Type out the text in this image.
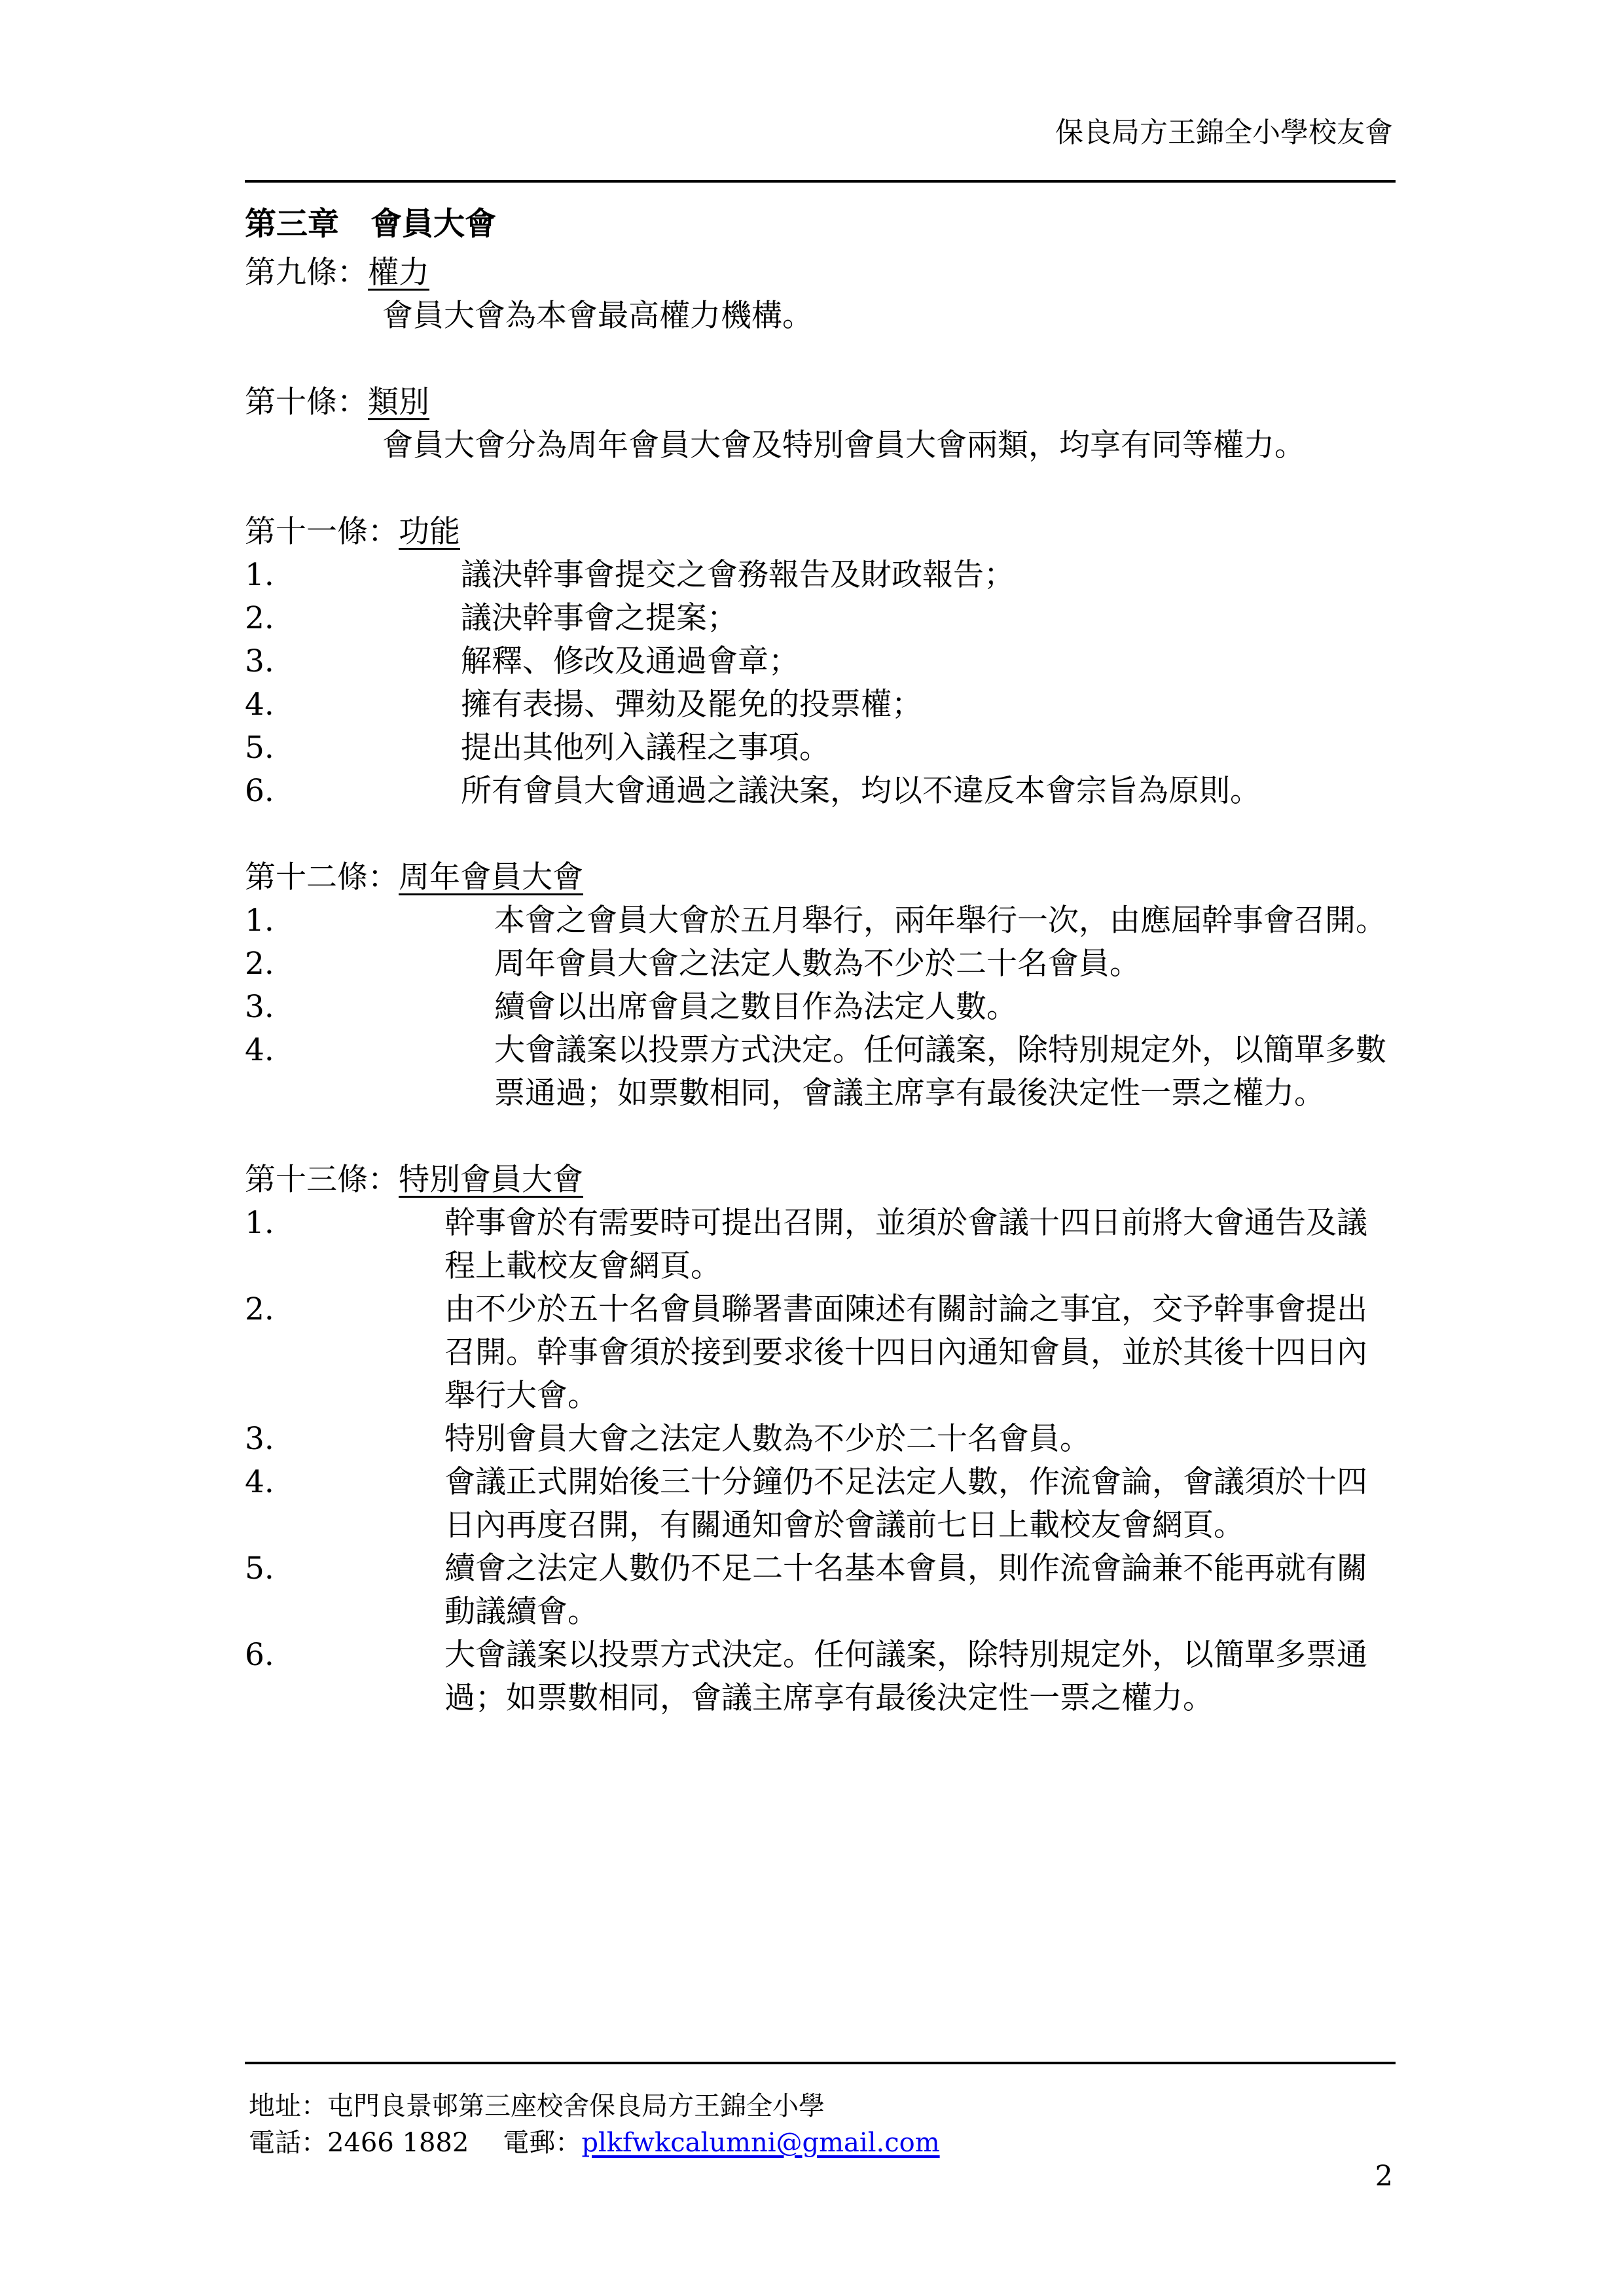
保良局方王錦全小學校友會
第三章　會員大會
第九條：權力
會員大會為本會最高權力機構。
第十條：類別
會員大會分為周年會員大會及特別會員大會兩類，均享有同等權力。
第十一條：功能
1.	議決幹事會提交之會務報告及財政報告；
2.	議決幹事會之提案；
3.	解釋、修改及通過會章；
4.	擁有表揚、彈劾及罷免的投票權；
5.	提出其他列入議程之事項。
6.	所有會員大會通過之議決案，均以不違反本會宗旨為原則。
第十二條：周年會員大會
1.	本會之會員大會於五月舉行，兩年舉行一次，由應屆幹事會召開。
2.	周年會員大會之法定人數為不少於二十名會員。
3.	續會以出席會員之數目作為法定人數。
4.	大會議案以投票方式決定。任何議案，除特別規定外，以簡單多數票通過；如票數相同，會議主席享有最後決定性一票之權力。
第十三條：特別會員大會
1.	幹事會於有需要時可提出召開，並須於會議十四日前將大會通告及議程上載校友會網頁。
2.	由不少於五十名會員聯署書面陳述有關討論之事宜，交予幹事會提出召開。幹事會須於接到要求後十四日內通知會員，並於其後十四日內舉行大會。
3.	特別會員大會之法定人數為不少於二十名會員。
4.	會議正式開始後三十分鐘仍不足法定人數，作流會論，會議須於十四日內再度召開，有關通知會於會議前七日上載校友會網頁。
5.	續會之法定人數仍不足二十名基本會員，則作流會論兼不能再就有關動議續會。
6.	大會議案以投票方式決定。任何議案，除特別規定外，以簡單多票通過；如票數相同，會議主席享有最後決定性一票之權力。
地址：屯門良景邨第三座校舍保良局方王錦全小學
電話：2466 1882 電郵：plkfwkcalumni@gmail.com
2
